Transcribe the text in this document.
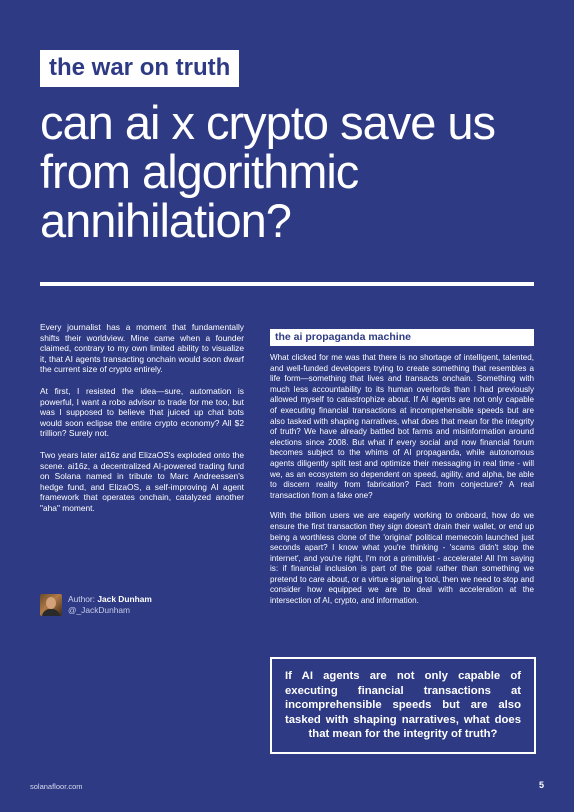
the war on truth
can ai x crypto save us from algorithmic annihilation?

Every journalist has a moment that fundamentally shifts their worldview. Mine came when a founder claimed, contrary to my own limited ability to visualize it, that AI agents transacting onchain would soon dwarf the current size of crypto entirely.

At first, I resisted the idea—sure, automation is powerful, I want a robo advisor to trade for me too, but was I supposed to believe that juiced up chat bots would soon eclipse the entire crypto economy? All $2 trillion? Surely not.

Two years later ai16z and ElizaOS's exploded onto the scene. ai16z, a decentralized AI-powered trading fund on Solana named in tribute to Marc Andreessen's hedge fund, and ElizaOS, a self-improving AI agent framework that operates onchain, catalyzed another "aha" moment.

Author: Jack Dunham
@_JackDunham
the ai propaganda machine

What clicked for me was that there is no shortage of intelligent, talented, and well-funded developers trying to create something that resembles a life form—something that lives and transacts onchain. Something with much less accountability to its human overlords than I had previously allowed myself to catastrophize about. If AI agents are not only capable of executing financial transactions at incomprehensible speeds but are also tasked with shaping narratives, what does that mean for the integrity of truth? We have already battled bot farms and misinformation around elections since 2008. But what if every social and now financial forum becomes subject to the whims of AI propaganda, while autonomous agents diligently split test and optimize their messaging in real time - will we, as an ecosystem so dependent on speed, agility, and alpha, be able to discern reality from fabrication? Fact from conjecture? A real transaction from a fake one?

With the billion users we are eagerly working to onboard, how do we ensure the first transaction they sign doesn't drain their wallet, or end up being a worthless clone of the 'original' political memecoin launched just seconds apart? I know what you're thinking - 'scams didn't stop the internet', and you're right, I'm not a primitivist - accelerate! All I'm saying is: if financial inclusion is part of the goal rather than something we pretend to care about, or a virtue signaling tool, then we need to stop and consider how equipped we are to deal with acceleration at the intersection of AI, crypto, and information.

If AI agents are not only capable of executing financial transactions at incomprehensible speeds but are also tasked with shaping narratives, what does that mean for the integrity of truth?
solanafloor.com	5
